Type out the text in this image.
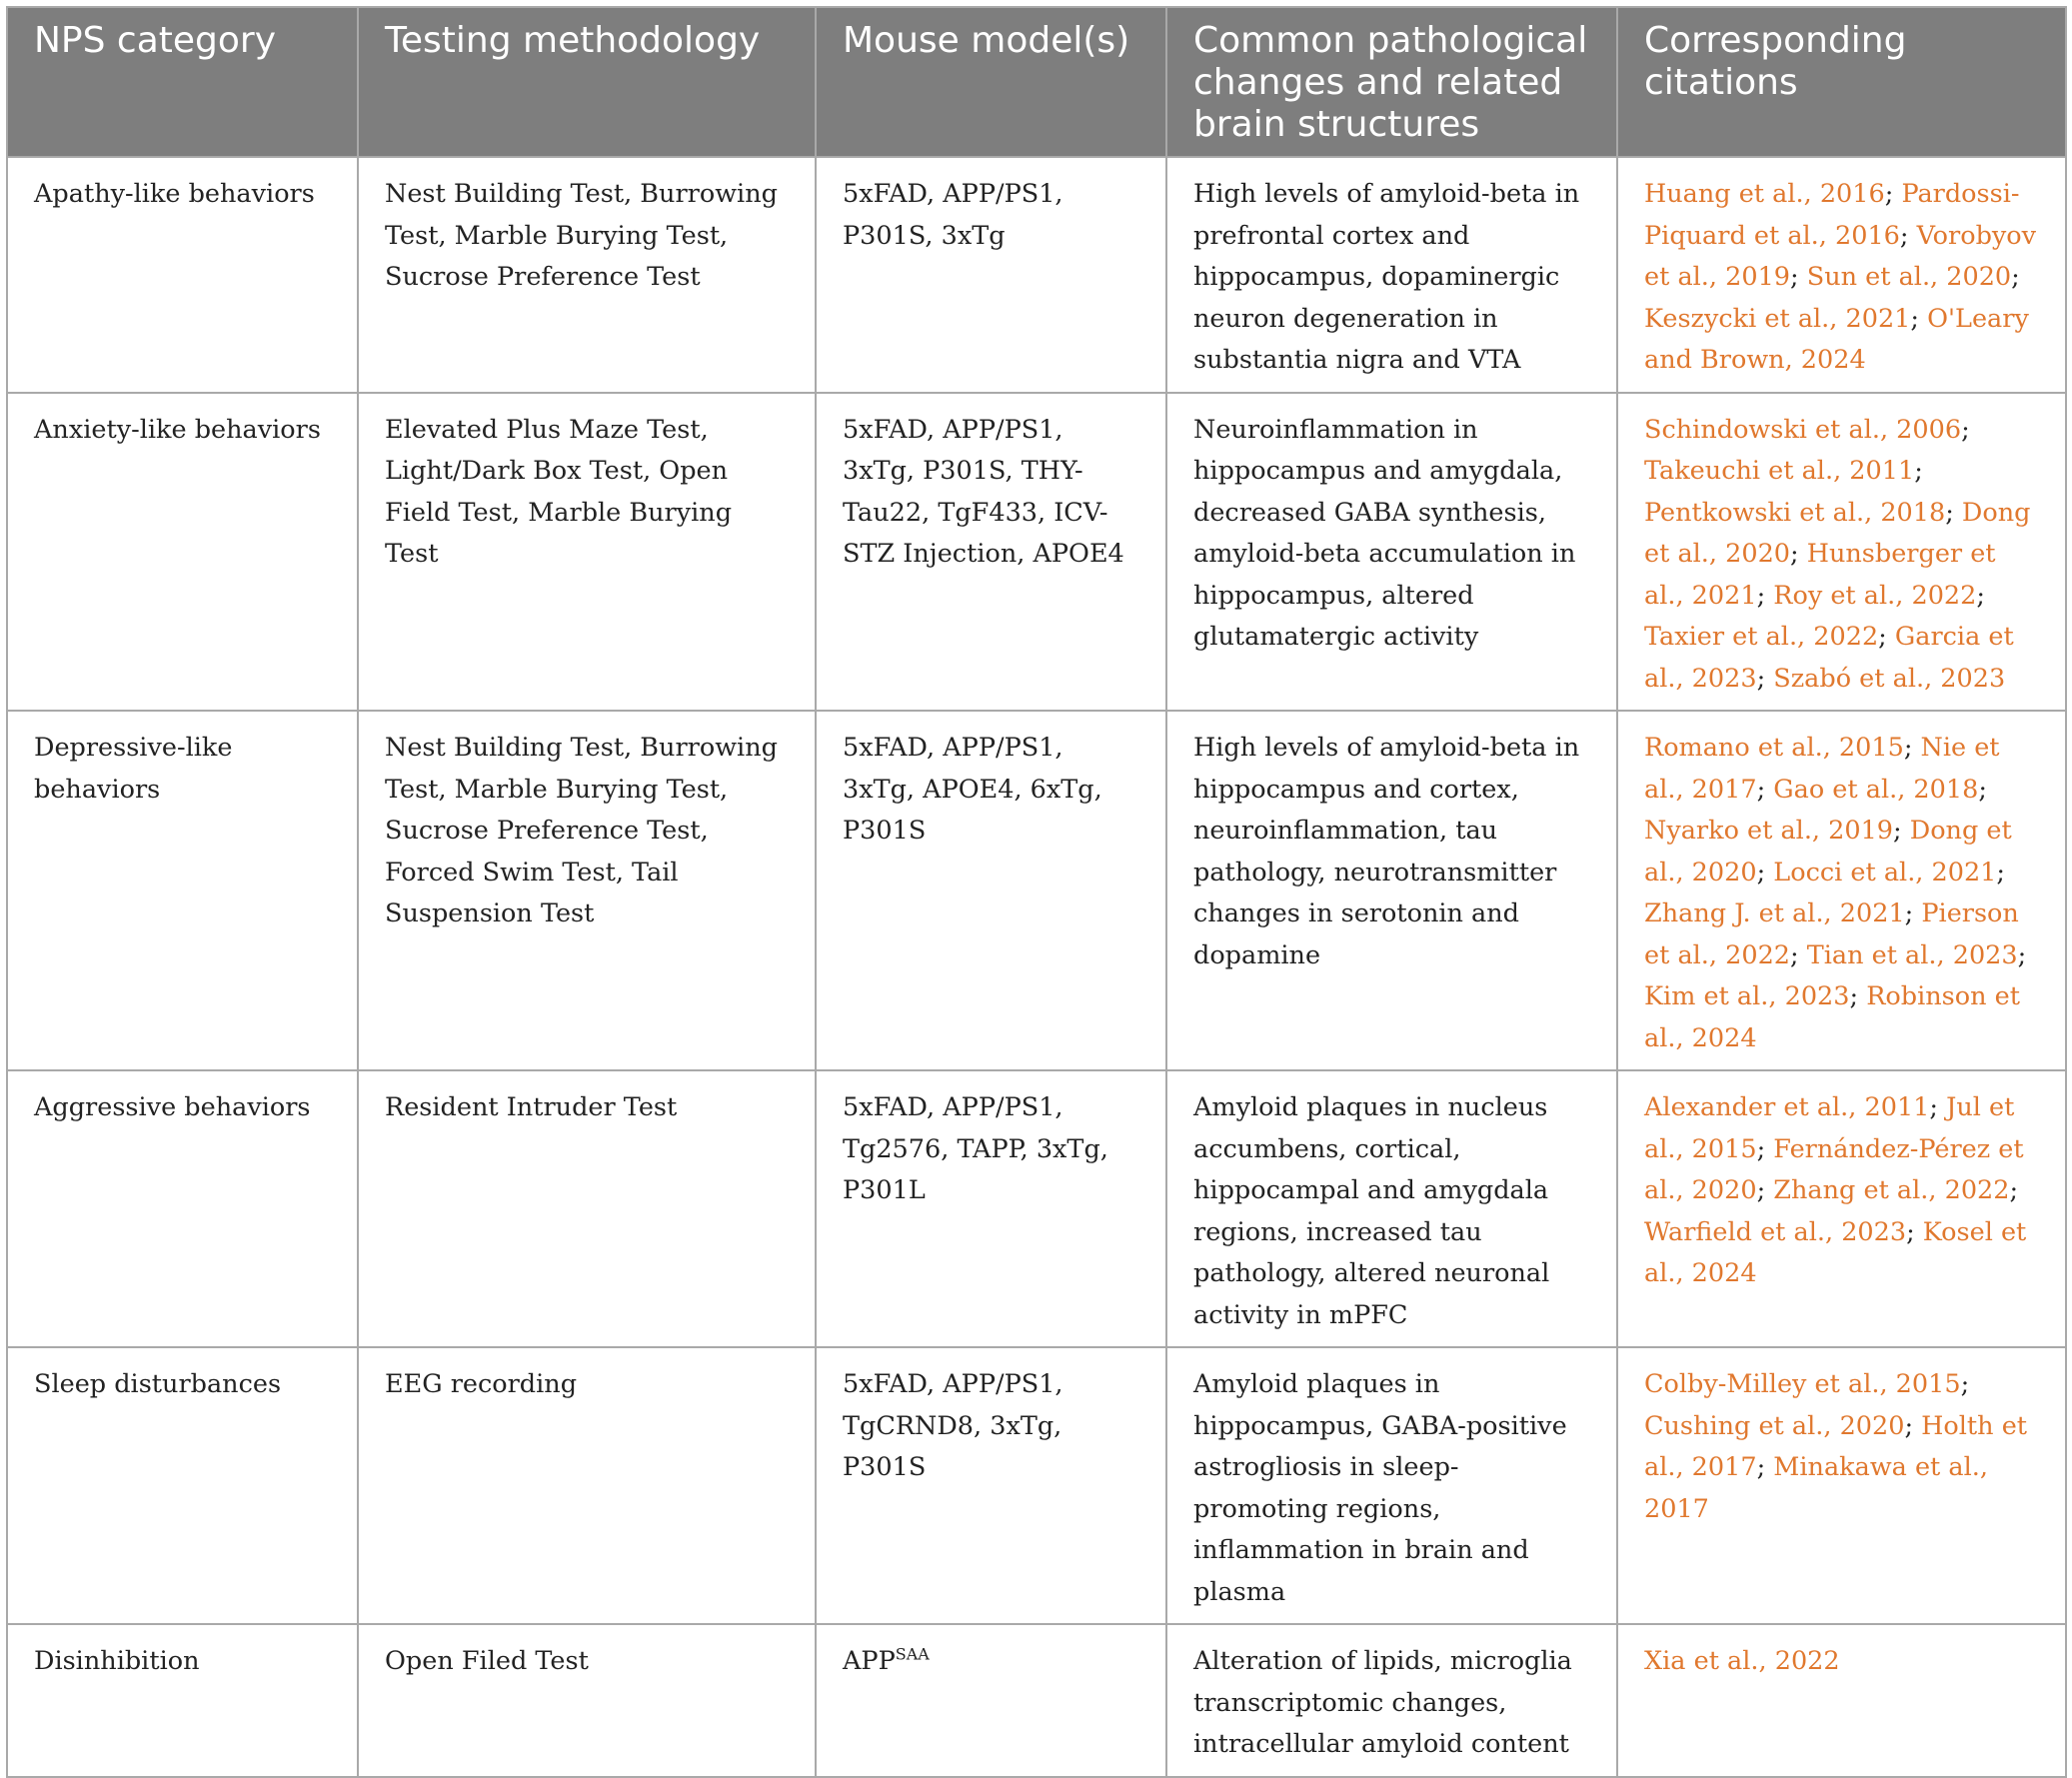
NPS category	Testing methodology	Mouse model(s)	Common pathological changes and related brain structures	Corresponding citations
Apathy-like behaviors	Nest Building Test, Burrowing Test, Marble Burying Test, Sucrose Preference Test	5xFAD, APP/PS1, P301S, 3xTg	High levels of amyloid-beta in prefrontal cortex and hippocampus, dopaminergic neuron degeneration in substantia nigra and VTA	Huang et al., 2016; Pardossi-Piquard et al., 2016; Vorobyov et al., 2019; Sun et al., 2020; Keszycki et al., 2021; O'Leary and Brown, 2024
Anxiety-like behaviors	Elevated Plus Maze Test, Light/Dark Box Test, Open Field Test, Marble Burying Test	5xFAD, APP/PS1, 3xTg, P301S, THY-Tau22, TgF433, ICV-STZ Injection, APOE4	Neuroinflammation in hippocampus and amygdala, decreased GABA synthesis, amyloid-beta accumulation in hippocampus, altered glutamatergic activity	Schindowski et al., 2006; Takeuchi et al., 2011; Pentkowski et al., 2018; Dong et al., 2020; Hunsberger et al., 2021; Roy et al., 2022; Taxier et al., 2022; Garcia et al., 2023; Szabó et al., 2023
Depressive-like behaviors	Nest Building Test, Burrowing Test, Marble Burying Test, Sucrose Preference Test, Forced Swim Test, Tail Suspension Test	5xFAD, APP/PS1, 3xTg, APOE4, 6xTg, P301S	High levels of amyloid-beta in hippocampus and cortex, neuroinflammation, tau pathology, neurotransmitter changes in serotonin and dopamine	Romano et al., 2015; Nie et al., 2017; Gao et al., 2018; Nyarko et al., 2019; Dong et al., 2020; Locci et al., 2021; Zhang J. et al., 2021; Pierson et al., 2022; Tian et al., 2023; Kim et al., 2023; Robinson et al., 2024
Aggressive behaviors	Resident Intruder Test	5xFAD, APP/PS1, Tg2576, TAPP, 3xTg, P301L	Amyloid plaques in nucleus accumbens, cortical, hippocampal and amygdala regions, increased tau pathology, altered neuronal activity in mPFC	Alexander et al., 2011; Jul et al., 2015; Fernández-Pérez et al., 2020; Zhang et al., 2022; Warfield et al., 2023; Kosel et al., 2024
Sleep disturbances	EEG recording	5xFAD, APP/PS1, TgCRND8, 3xTg, P301S	Amyloid plaques in hippocampus, GABA-positive astrogliosis in sleep-promoting regions, inflammation in brain and plasma	Colby-Milley et al., 2015; Cushing et al., 2020; Holth et al., 2017; Minakawa et al., 2017
Disinhibition	Open Filed Test	$APP^{SAA}$	Alteration of lipids, microglia transcriptomic changes, intracellular amyloid content	Xia et al., 2022
